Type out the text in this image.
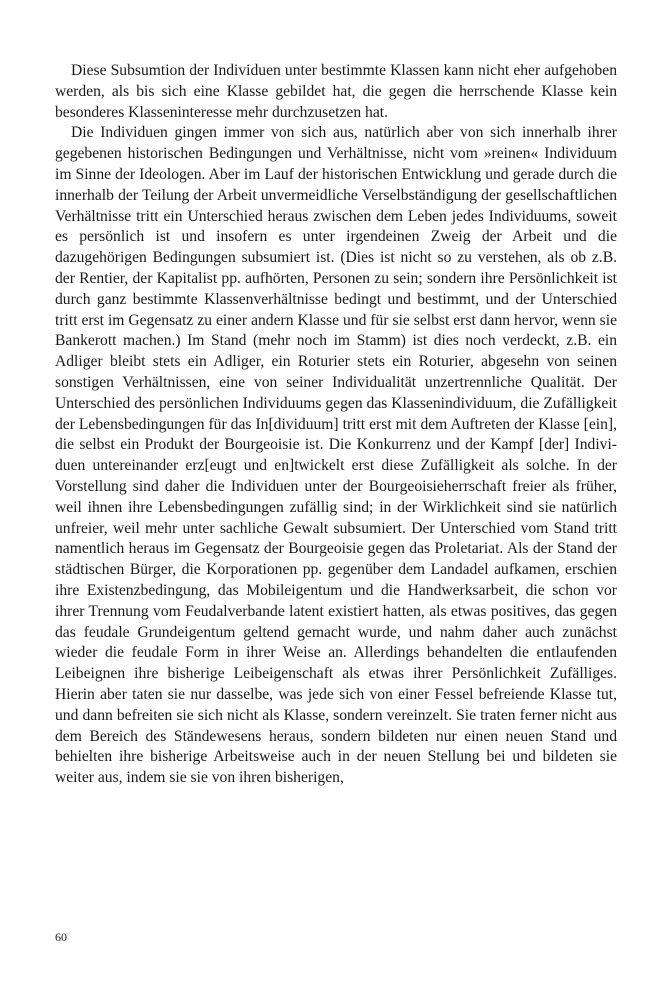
Diese Subsumtion der Individuen unter bestimmte Klassen kann nicht eher aufgehoben werden, als bis sich eine Klasse gebildet hat, die gegen die herrschende Klasse kein besonderes Klasseninteresse mehr durchzusetzen hat.

Die Individuen gingen immer von sich aus, natürlich aber von sich innerhalb ihrer gegebenen historischen Bedingungen und Verhältnisse, nicht vom »reinen« Individuum im Sinne der Ideologen. Aber im Lauf der historischen Entwicklung und gerade durch die innerhalb der Teilung der Arbeit unvermeidliche Verselbständigung der gesellschaftlichen Verhältnisse tritt ein Unterschied heraus zwischen dem Leben jedes Individuums, soweit es persönlich ist und insofern es unter irgendeinen Zweig der Arbeit und die dazugehörigen Bedingungen subsumiert ist. (Dies ist nicht so zu verstehen, als ob z.B. der Rentier, der Kapitalist pp. aufhörten, Personen zu sein; sondern ihre Persönlichkeit ist durch ganz bestimmte Klassenverhältnisse bedingt und bestimmt, und der Unterschied tritt erst im Gegensatz zu einer andern Klasse und für sie selbst erst dann hervor, wenn sie Bankerott machen.) Im Stand (mehr noch im Stamm) ist dies noch verdeckt, z.B. ein Adliger bleibt stets ein Adliger, ein Roturier stets ein Roturier, abgesehn von seinen sonstigen Verhältnissen, eine von seiner Individualität unzertrennliche Qualität. Der Unterschied des persönlichen Individuums gegen das Klassenindividuum, die Zufälligkeit der Lebensbedingungen für das In[dividuum] tritt erst mit dem Auftreten der Klasse [ein], die selbst ein Produkt der Bourgeoisie ist. Die Konkurrenz und der Kampf [der] Individuen untereinander erz[eugt und en]twickelt erst diese Zufälligkeit als solche. In der Vorstellung sind daher die Individuen unter der Bourgeoisieherrschaft freier als früher, weil ihnen ihre Lebensbedingungen zufällig sind; in der Wirklichkeit sind sie natürlich unfreier, weil mehr unter sachliche Gewalt subsumiert. Der Unterschied vom Stand tritt namentlich heraus im Gegensatz der Bourgeoisie gegen das Proletariat. Als der Stand der städtischen Bürger, die Korporationen pp. gegenüber dem Landadel aufkamen, erschien ihre Existenzbedingung, das Mobileigentum und die Handwerksarbeit, die schon vor ihrer Trennung vom Feudalverbande latent existiert hatten, als etwas positives, das gegen das feudale Grundeigentum geltend gemacht wurde, und nahm daher auch zunächst wieder die feudale Form in ihrer Weise an. Allerdings behandelten die entlaufenden Leibeignen ihre bisherige Leibeigenschaft als etwas ihrer Persönlichkeit Zufälliges. Hierin aber taten sie nur dasselbe, was jede sich von einer Fessel befreiende Klasse tut, und dann befreiten sie sich nicht als Klasse, sondern vereinzelt. Sie traten ferner nicht aus dem Bereich des Ständewesens heraus, sondern bildeten nur einen neuen Stand und behielten ihre bisherige Arbeitsweise auch in der neuen Stellung bei und bildeten sie weiter aus, indem sie sie von ihren bisherigen,

60
